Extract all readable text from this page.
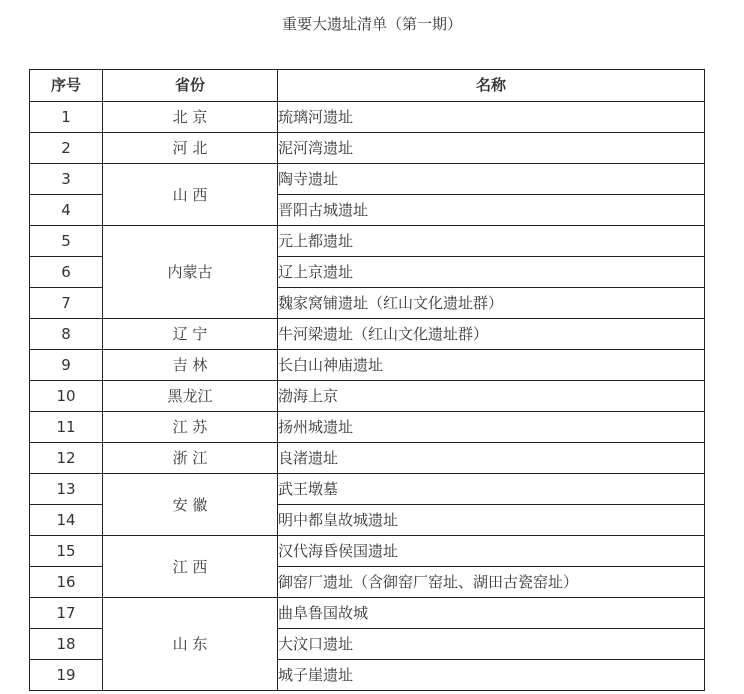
重要大遗址清单（第一期）
序号	省份	名称
1	北 京	琉璃河遗址
2	河 北	泥河湾遗址
3	山 西	陶寺遗址
4		晋阳古城遗址
5	内蒙古	元上都遗址
6		辽上京遗址
7		魏家窝铺遗址（红山文化遗址群）
8	辽 宁	牛河梁遗址（红山文化遗址群）
9	吉 林	长白山神庙遗址
10	黑龙江	渤海上京
11	江 苏	扬州城遗址
12	浙 江	良渚遗址
13	安 徽	武王墩墓
14		明中都皇故城遗址
15	江 西	汉代海昏侯国遗址
16		御窑厂遗址（含御窑厂窑址、湖田古瓷窑址）
17	山 东	曲阜鲁国故城
18		大汶口遗址
19		城子崖遗址
